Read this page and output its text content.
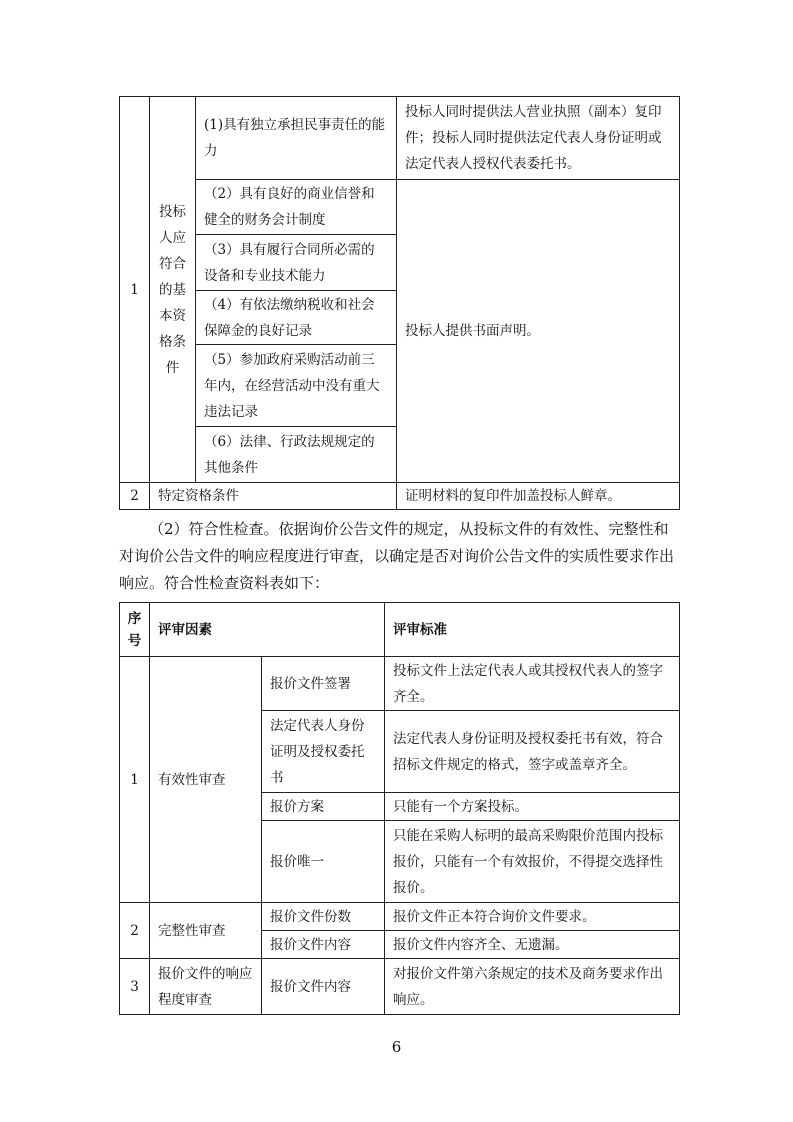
1	投标人应符合的基本资格条件	(1)具有独立承担民事责任的能力	投标人同时提供法人营业执照（副本）复印件；投标人同时提供法定代表人身份证明或法定代表人授权代表委托书。
		（2）具有良好的商业信誉和健全的财务会计制度	投标人提供书面声明。
		（3）具有履行合同所必需的设备和专业技术能力	
		（4）有依法缴纳税收和社会保障金的良好记录	
		（5）参加政府采购活动前三年内，在经营活动中没有重大违法记录	
		（6）法律、行政法规规定的其他条件	
2	特定资格条件		证明材料的复印件加盖投标人鲜章。

（2）符合性检查。依据询价公告文件的规定，从投标文件的有效性、完整性和对询价公告文件的响应程度进行审查，以确定是否对询价公告文件的实质性要求作出响应。符合性检查资料表如下：

序号	评审因素		评审标准
1	有效性审查	报价文件签署	投标文件上法定代表人或其授权代表人的签字齐全。
		法定代表人身份证明及授权委托书	法定代表人身份证明及授权委托书有效，符合招标文件规定的格式，签字或盖章齐全。
		报价方案	只能有一个方案投标。
		报价唯一	只能在采购人标明的最高采购限价范围内投标报价，只能有一个有效报价，不得提交选择性报价。
2	完整性审查	报价文件份数	报价文件正本符合询价文件要求。
		报价文件内容	报价文件内容齐全、无遗漏。
3	报价文件的响应程度审查	报价文件内容	对报价文件第六条规定的技术及商务要求作出响应。
6
